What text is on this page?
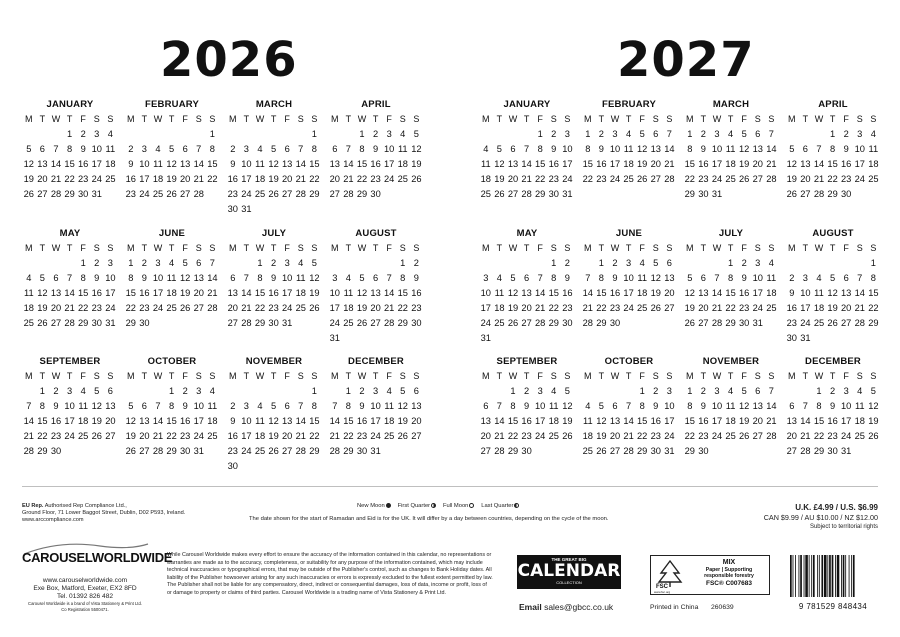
2026	2027
JANUARY
M T W T F S S
1 2 3 4
5 6 7 8 9 10 11
12 13 14 15 16 17 18
19 20 21 22 23 24 25
26 27 28 29 30 31
FEBRUARY
M T W T F S S
1
2 3 4 5 6 7 8
9 10 11 12 13 14 15
16 17 18 19 20 21 22
23 24 25 26 27 28
MARCH
M T W T F S S
1
2 3 4 5 6 7 8
9 10 11 12 13 14 15
16 17 18 19 20 21 22
23 24 25 26 27 28 29
30 31
APRIL
M T W T F S S
1 2 3 4 5
6 7 8 9 10 11 12
13 14 15 16 17 18 19
20 21 22 23 24 25 26
27 28 29 30
MAY
M T W T F S S
1 2 3
4 5 6 7 8 9 10
11 12 13 14 15 16 17
18 19 20 21 22 23 24
25 26 27 28 29 30 31
JUNE
M T W T F S S
1 2 3 4 5 6 7
8 9 10 11 12 13 14
15 16 17 18 19 20 21
22 23 24 25 26 27 28
29 30
JULY
M T W T F S S
1 2 3 4 5
6 7 8 9 10 11 12
13 14 15 16 17 18 19
20 21 22 23 24 25 26
27 28 29 30 31
AUGUST
M T W T F S S
1 2
3 4 5 6 7 8 9
10 11 12 13 14 15 16
17 18 19 20 21 22 23
24 25 26 27 28 29 30
31
SEPTEMBER
M T W T F S S
1 2 3 4 5 6
7 8 9 10 11 12 13
14 15 16 17 18 19 20
21 22 23 24 25 26 27
28 29 30
OCTOBER
M T W T F S S
1 2 3 4
5 6 7 8 9 10 11
12 13 14 15 16 17 18
19 20 21 22 23 24 25
26 27 28 29 30 31
NOVEMBER
M T W T F S S
1
2 3 4 5 6 7 8
9 10 11 12 13 14 15
16 17 18 19 20 21 22
23 24 25 26 27 28 29
30
DECEMBER
M T W T F S S
1 2 3 4 5 6
7 8 9 10 11 12 13
14 15 16 17 18 19 20
21 22 23 24 25 26 27
28 29 30 31
JANUARY
M T W T F S S
1 2 3
4 5 6 7 8 9 10
11 12 13 14 15 16 17
18 19 20 21 22 23 24
25 26 27 28 29 30 31
FEBRUARY
M T W T F S S
1 2 3 4 5 6 7
8 9 10 11 12 13 14
15 16 17 18 19 20 21
22 23 24 25 26 27 28
MARCH
M T W T F S S
1 2 3 4 5 6 7
8 9 10 11 12 13 14
15 16 17 18 19 20 21
22 23 24 25 26 27 28
29 30 31
APRIL
M T W T F S S
1 2 3 4
5 6 7 8 9 10 11
12 13 14 15 16 17 18
19 20 21 22 23 24 25
26 27 28 29 30
MAY
M T W T F S S
1 2
3 4 5 6 7 8 9
10 11 12 13 14 15 16
17 18 19 20 21 22 23
24 25 26 27 28 29 30
31
JUNE
M T W T F S S
1 2 3 4 5 6
7 8 9 10 11 12 13
14 15 16 17 18 19 20
21 22 23 24 25 26 27
28 29 30
JULY
M T W T F S S
1 2 3 4
5 6 7 8 9 10 11
12 13 14 15 16 17 18
19 20 21 22 23 24 25
26 27 28 29 30 31
AUGUST
M T W T F S S
1
2 3 4 5 6 7 8
9 10 11 12 13 14 15
16 17 18 19 20 21 22
23 24 25 26 27 28 29
30 31
SEPTEMBER
M T W T F S S
1 2 3 4 5
6 7 8 9 10 11 12
13 14 15 16 17 18 19
20 21 22 23 24 25 26
27 28 29 30
OCTOBER
M T W T F S S
1 2 3
4 5 6 7 8 9 10
11 12 13 14 15 16 17
18 19 20 21 22 23 24
25 26 27 28 29 30 31
NOVEMBER
M T W T F S S
1 2 3 4 5 6 7
8 9 10 11 12 13 14
15 16 17 18 19 20 21
22 23 24 25 26 27 28
29 30
DECEMBER
M T W T F S S
1 2 3 4 5
6 7 8 9 10 11 12
13 14 15 16 17 18 19
20 21 22 23 24 25 26
27 28 29 30 31
EU Rep. Authorised Rep Compliance Ltd.,
Ground Floor, 71 Lower Baggot Street, Dublin, D02 P593, Ireland.
www.arccompliance.com
New Moon First Quarter Full Moon Last Quarter
The date shown for the start of Ramadan and Eid is for the UK. It will differ by a day between countries, depending on the cycle of the moon.
U.K. £4.99 / U.S. $6.99
CAN $9.99 / AU $10.00 / NZ $12.00
Subject to territorial rights
CAROUSELWORLDWIDE
www.carouselworldwide.com
Exe Box, Matford, Exeter, EX2 8FD
Tel. 01392 826 482
Carousel Worldwide is a brand of Vista Stationery & Print Ltd.
Co Registration 5500471.
While Carousel Worldwide makes every effort to ensure the accuracy of the information contained in this calendar, no representations or warranties are made as to the accuracy, completeness, or suitability for any purpose of the information contained, which may include technical inaccuracies or typographical errors, that may be outside of the Publisher's control, such as changes to Bank Holiday dates. All liability of the Publisher howsoever arising for any such inaccuracies or errors is expressly excluded to the fullest extent permitted by law. The Publisher shall not be liable for any compensatory, direct, indirect or consequential damages, loss of data, income or profit, loss of or damage to property or claims of third parties. Carousel Worldwide is a trading name of Vista Stationery & Print Ltd.
THE GREAT BIG
CALENDAR
COLLECTION
Email sales@gbcc.co.uk	Printed in China 260639
FSC
www.fsc.org
MIX
Paper | Supporting
responsible forestry
FSC® C007683
9 781529 848434
